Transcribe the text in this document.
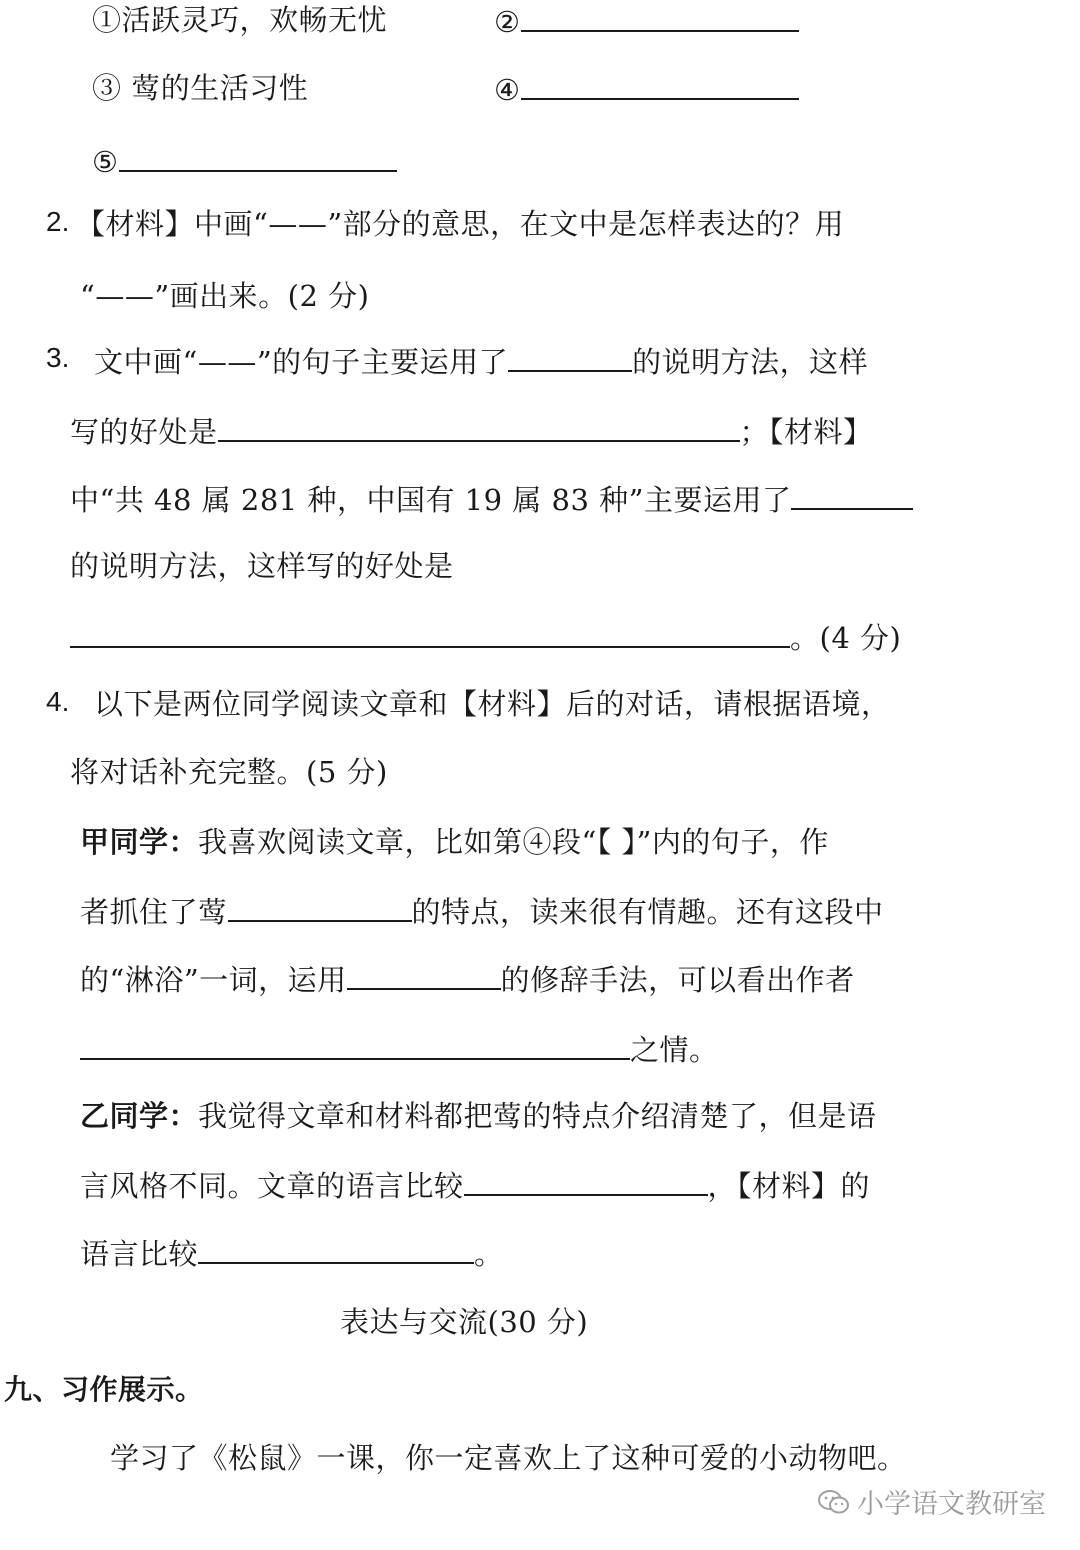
①活跃灵巧，欢畅无忧	②
③ 莺的生活习性	④
⑤
2. 【材料】中画“——”部分的意思，在文中是怎样表达的？用
“——”画出来。(2 分)
3. 文中画“——”的句子主要运用了	的说明方法，这样
写的好处是	；【材料】
中“共 48 属 281 种，中国有 19 属 83 种”主要运用了
的说明方法，这样写的好处是
。(4 分)
4. 以下是两位同学阅读文章和【材料】后的对话，请根据语境，
将对话补充完整。(5 分)
甲同学：我喜欢阅读文章，比如第④段“【 】”内的句子，作
者抓住了莺	的特点，读来很有情趣。还有这段中
的“淋浴”一词，运用	的修辞手法，可以看出作者
之情。
乙同学：我觉得文章和材料都把莺的特点介绍清楚了，但是语
言风格不同。文章的语言比较	，【材料】的
语言比较	。
表达与交流(30 分)
九、习作展示。
学习了《松鼠》一课，你一定喜欢上了这种可爱的小动物吧。
小学语文教研室
